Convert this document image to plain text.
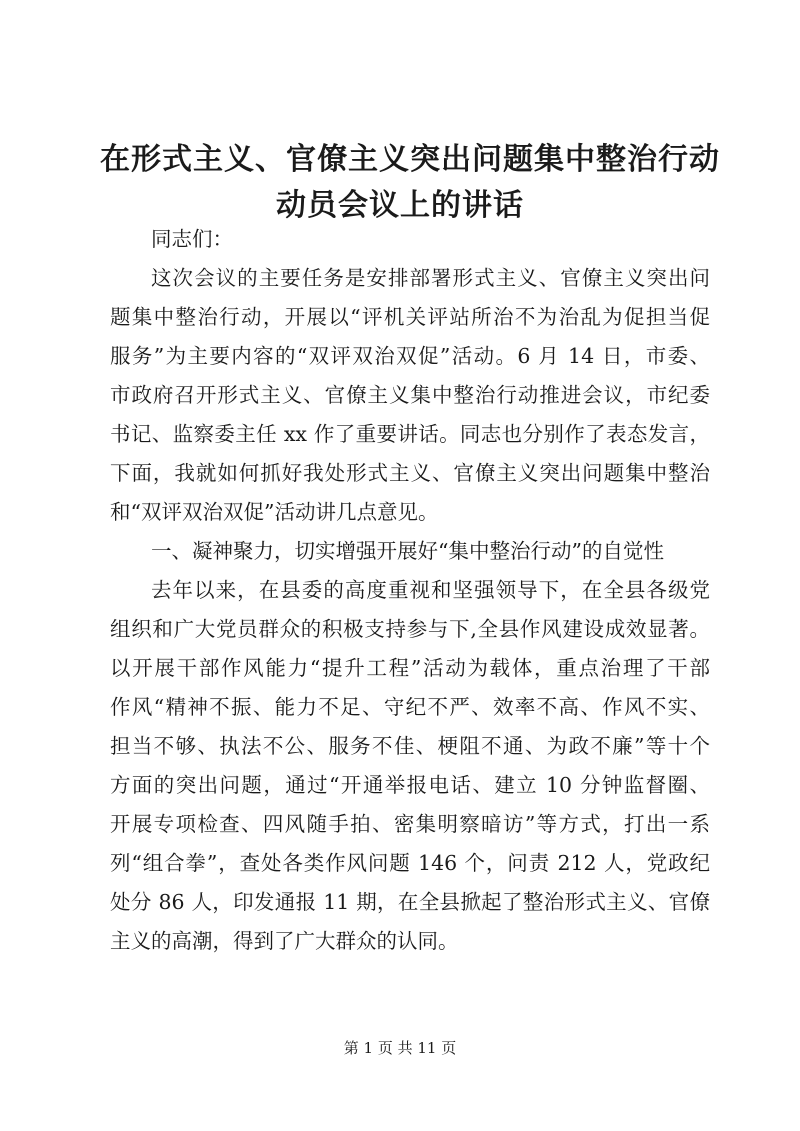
在形式主义、官僚主义突出问题集中整治行动
动员会议上的讲话
同志们：
这次会议的主要任务是安排部署形式主义、官僚主义突出问
题集中整治行动，开展以“评机关评站所治不为治乱为促担当促
服务”为主要内容的“双评双治双促”活动。6 月 14 日，市委、
市政府召开形式主义、官僚主义集中整治行动推进会议，市纪委
书记、监察委主任 xx 作了重要讲话。同志也分别作了表态发言，
下面，我就如何抓好我处形式主义、官僚主义突出问题集中整治
和“双评双治双促”活动讲几点意见。
一、凝神聚力，切实增强开展好“集中整治行动”的自觉性
去年以来，在县委的高度重视和坚强领导下，在全县各级党
组织和广大党员群众的积极支持参与下,全县作风建设成效显著。
以开展干部作风能力“提升工程”活动为载体，重点治理了干部
作风“精神不振、能力不足、守纪不严、效率不高、作风不实、
担当不够、执法不公、服务不佳、梗阻不通、为政不廉”等十个
方面的突出问题，通过“开通举报电话、建立 10 分钟监督圈、
开展专项检查、四风随手拍、密集明察暗访”等方式，打出一系
列“组合拳”，查处各类作风问题 146 个，问责 212 人，党政纪
处分 86 人，印发通报 11 期，在全县掀起了整治形式主义、官僚
主义的高潮，得到了广大群众的认同。
第 1 页 共 11 页
